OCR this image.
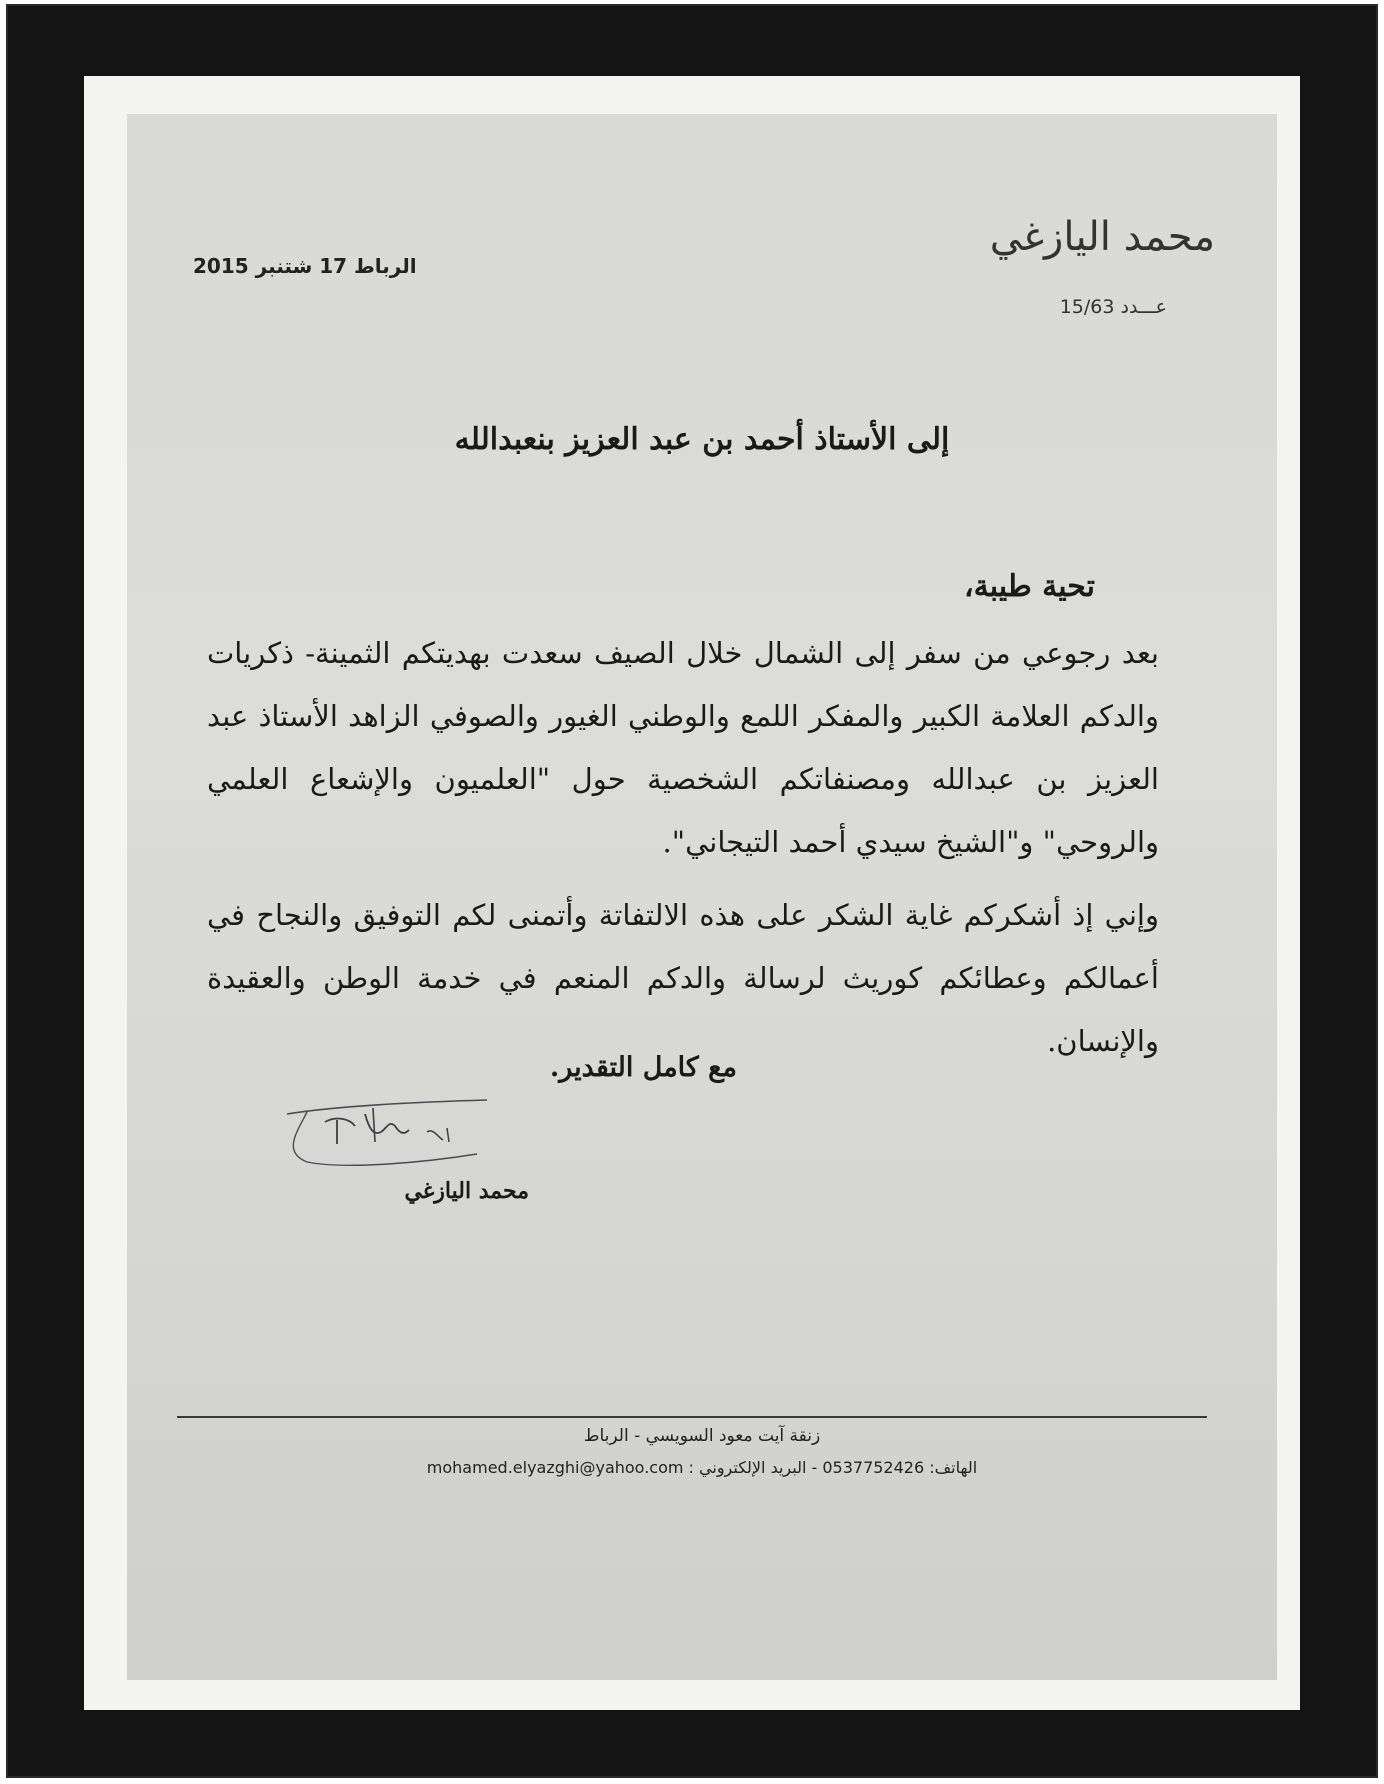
محمد اليازغي
عـــدد 15/63
الرباط 17 شتنبر 2015
إلى الأستاذ أحمد بن عبد العزيز بنعبدالله
تحية طيبة،
بعد رجوعي من سفر إلى الشمال خلال الصيف سعدت بهديتكم الثمينة- ذكريات والدكم العلامة الكبير والمفكر اللمع والوطني الغيور والصوفي الزاهد الأستاذ عبد العزيز بن عبدالله ومصنفاتكم الشخصية حول "العلميون والإشعاع العلمي والروحي" و"الشيخ سيدي أحمد التيجاني".
وإني إذ أشكركم غاية الشكر على هذه الالتفاتة وأتمنى لكم التوفيق والنجاح في أعمالكم وعطائكم كوريث لرسالة والدكم المنعم في خدمة الوطن والعقيدة والإنسان.
مع كامل التقدير.
محمد اليازغي
زنقة آيت معود السويسي - الرباط
الهاتف: 0537752426 - البريد الإلكتروني : mohamed.elyazghi@yahoo.com
